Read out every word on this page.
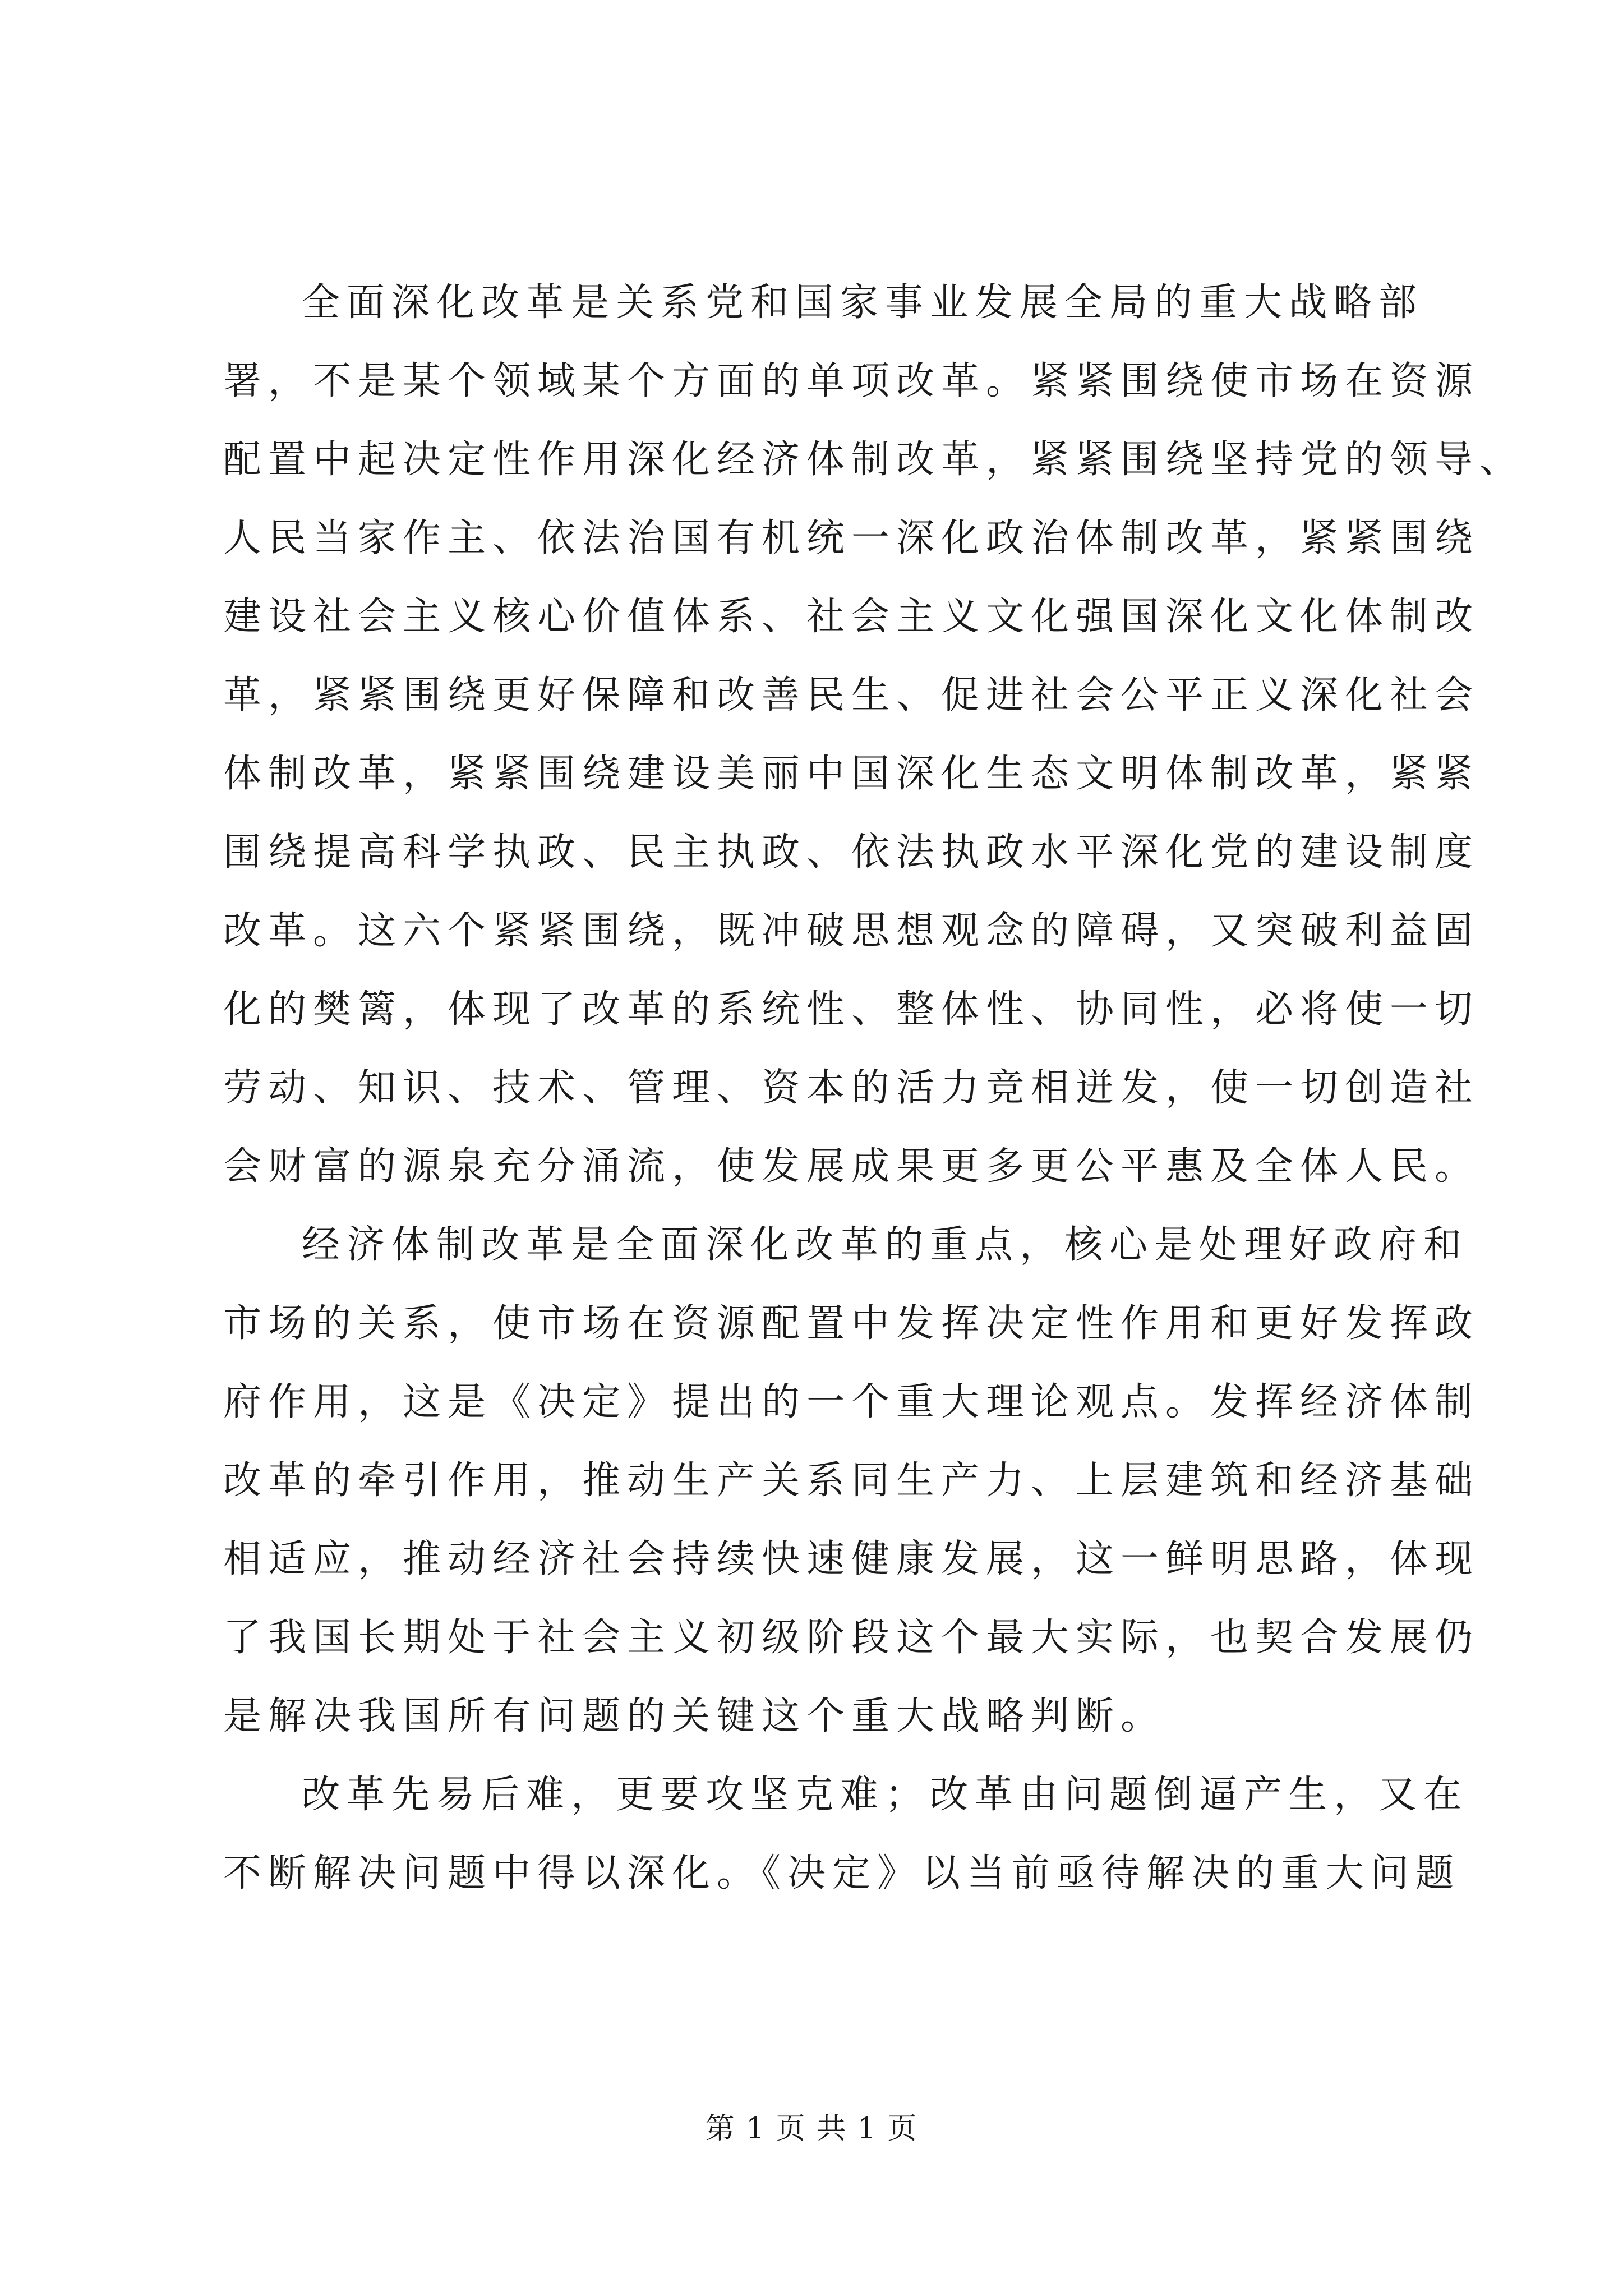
全面深化改革是关系党和国家事业发展全局的重大战略部
署，不是某个领域某个方面的单项改革。紧紧围绕使市场在资源
配置中起决定性作用深化经济体制改革，紧紧围绕坚持党的领导、
人民当家作主、依法治国有机统一深化政治体制改革，紧紧围绕
建设社会主义核心价值体系、社会主义文化强国深化文化体制改
革，紧紧围绕更好保障和改善民生、促进社会公平正义深化社会
体制改革，紧紧围绕建设美丽中国深化生态文明体制改革，紧紧
围绕提高科学执政、民主执政、依法执政水平深化党的建设制度
改革。这六个紧紧围绕，既冲破思想观念的障碍，又突破利益固
化的樊篱，体现了改革的系统性、整体性、协同性，必将使一切
劳动、知识、技术、管理、资本的活力竞相迸发，使一切创造社
会财富的源泉充分涌流，使发展成果更多更公平惠及全体人民。
经济体制改革是全面深化改革的重点，核心是处理好政府和
市场的关系，使市场在资源配置中发挥决定性作用和更好发挥政
府作用，这是《决定》提出的一个重大理论观点。发挥经济体制
改革的牵引作用，推动生产关系同生产力、上层建筑和经济基础
相适应，推动经济社会持续快速健康发展，这一鲜明思路，体现
了我国长期处于社会主义初级阶段这个最大实际，也契合发展仍
是解决我国所有问题的关键这个重大战略判断。
改革先易后难，更要攻坚克难；改革由问题倒逼产生，又在
不断解决问题中得以深化。《决定》以当前亟待解决的重大问题
第 1 页 共 1 页
